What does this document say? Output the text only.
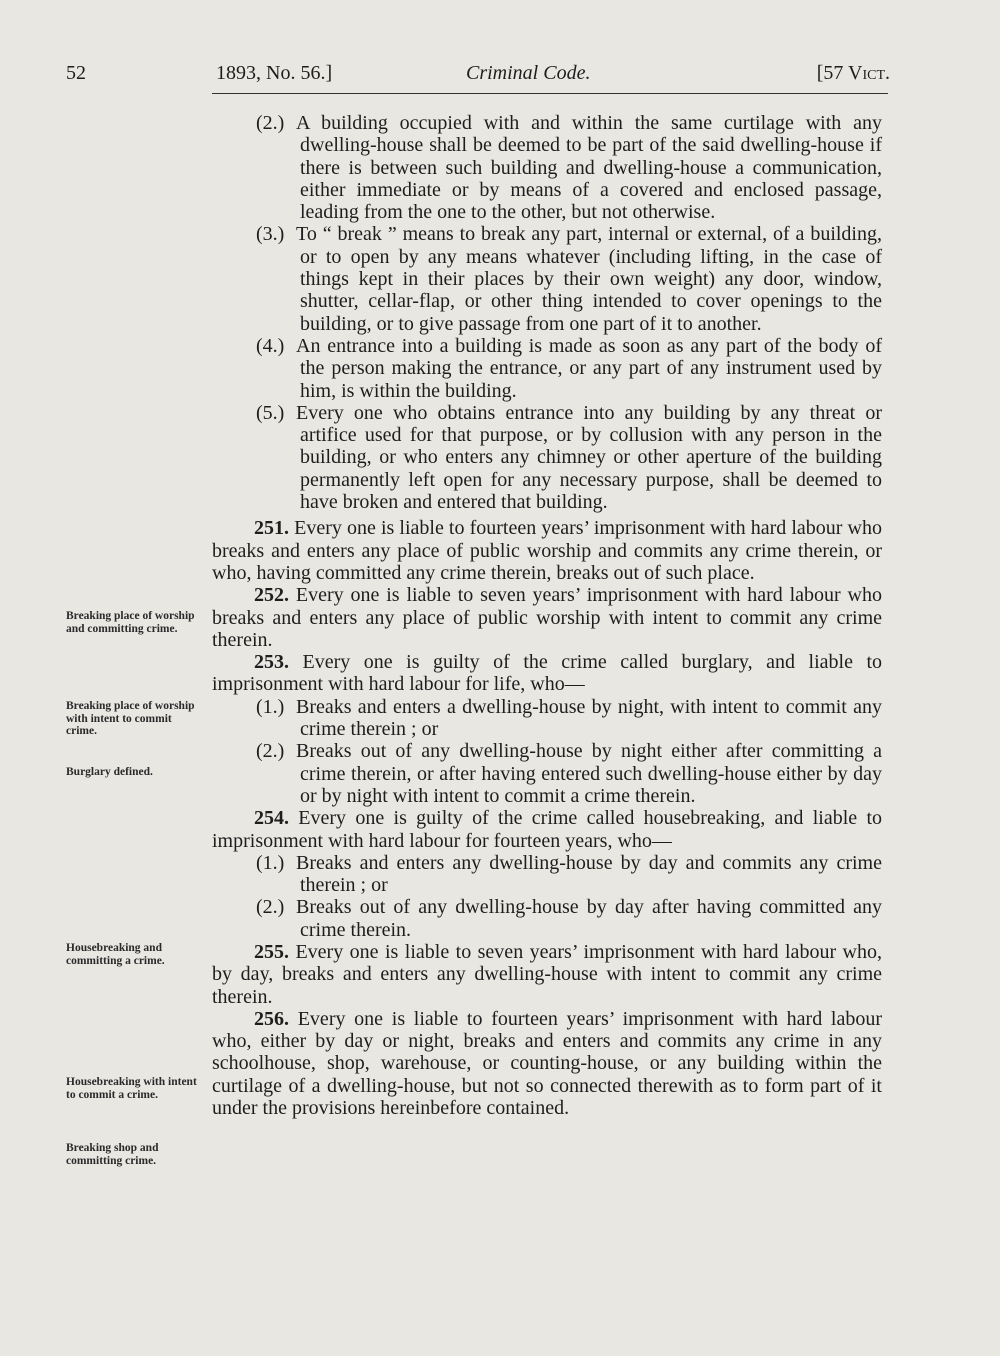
52	1893, No. 56.]	Criminal Code.	[57 Vict.
Breaking place of worship and committing crime.
Breaking place of worship with intent to commit crime.
Burglary defined.
Housebreaking and committing a crime.
Housebreaking with intent to commit a crime.
Breaking shop and committing crime.

(2.) A building occupied with and within the same curtilage with any dwelling-house shall be deemed to be part of the said dwelling-house if there is between such building and dwelling-house a communication, either immediate or by means of a covered and enclosed passage, leading from the one to the other, but not otherwise.

(3.) To “ break ” means to break any part, internal or external, of a building, or to open by any means whatever (including lifting, in the case of things kept in their places by their own weight) any door, window, shutter, cellar-flap, or other thing intended to cover openings to the building, or to give passage from one part of it to another.

(4.) An entrance into a building is made as soon as any part of the body of the person making the entrance, or any part of any instrument used by him, is within the building.

(5.) Every one who obtains entrance into any building by any threat or artifice used for that purpose, or by collusion with any person in the building, or who enters any chimney or other aperture of the building permanently left open for any necessary purpose, shall be deemed to have broken and entered that building.

251. Every one is liable to fourteen years’ imprisonment with hard labour who breaks and enters any place of public worship and commits any crime therein, or who, having committed any crime therein, breaks out of such place.

252. Every one is liable to seven years’ imprisonment with hard labour who breaks and enters any place of public worship with intent to commit any crime therein.

253. Every one is guilty of the crime called burglary, and liable to imprisonment with hard labour for life, who—

(1.) Breaks and enters a dwelling-house by night, with intent to commit any crime therein ; or

(2.) Breaks out of any dwelling-house by night either after committing a crime therein, or after having entered such dwelling-house either by day or by night with intent to commit a crime therein.

254. Every one is guilty of the crime called housebreaking, and liable to imprisonment with hard labour for fourteen years, who—

(1.) Breaks and enters any dwelling-house by day and commits any crime therein ; or

(2.) Breaks out of any dwelling-house by day after having committed any crime therein.

255. Every one is liable to seven years’ imprisonment with hard labour who, by day, breaks and enters any dwelling-house with intent to commit any crime therein.

256. Every one is liable to fourteen years’ imprisonment with hard labour who, either by day or night, breaks and enters and commits any crime in any schoolhouse, shop, warehouse, or counting-house, or any building within the curtilage of a dwelling-house, but not so connected therewith as to form part of it under the provisions hereinbefore contained.
